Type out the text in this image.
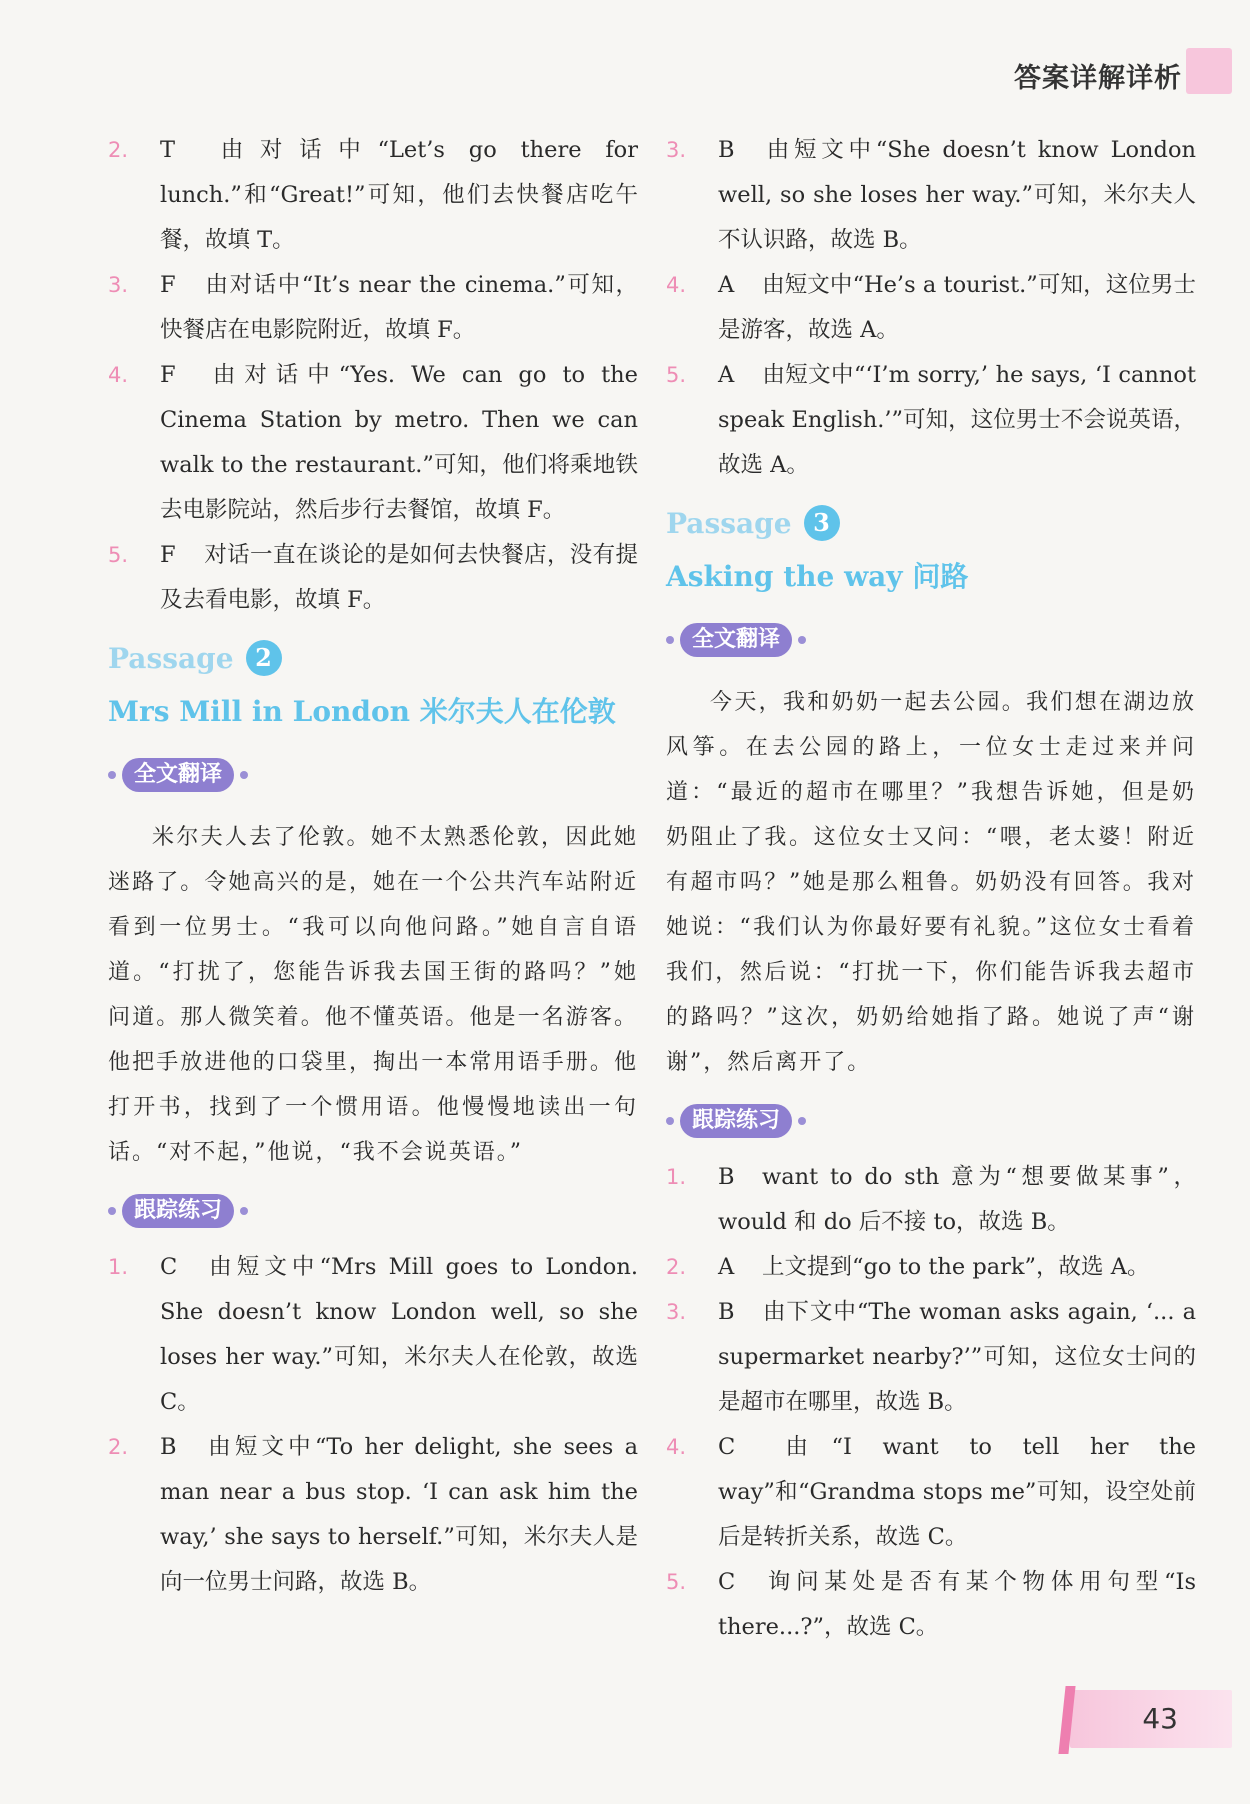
答案详解详析
2. T 由对话中“Let’s go there for lunch.”和“Great!”可知，他们去快餐店吃午餐，故填 T。
3. F 由对话中“It’s near the cinema.”可知，快餐店在电影院附近，故填 F。
4. F 由对话中“Yes. We can go to the Cinema Station by metro. Then we can walk to the restaurant.”可知，他们将乘地铁去电影院站，然后步行去餐馆，故填 F。
5. F 对话一直在谈论的是如何去快餐店，没有提及去看电影，故填 F。
Passage 2
Mrs Mill in London 米尔夫人在伦敦
全文翻译
米尔夫人去了伦敦。她不太熟悉伦敦，因此她迷路了。令她高兴的是，她在一个公共汽车站附近看到一位男士。“我可以向他问路。”她自言自语道。“打扰了，您能告诉我去国王街的路吗？”她问道。那人微笑着。他不懂英语。他是一名游客。他把手放进他的口袋里，掏出一本常用语手册。他打开书，找到了一个惯用语。他慢慢地读出一句话。“对不起，”他说，“我不会说英语。”
跟踪练习
1. C 由短文中“Mrs Mill goes to London. She doesn’t know London well, so she loses her way.”可知，米尔夫人在伦敦，故选 C。
2. B 由短文中“To her delight, she sees a man near a bus stop. ‘I can ask him the way,’ she says to herself.”可知，米尔夫人是向一位男士问路，故选 B。
3. B 由短文中“She doesn’t know London well, so she loses her way.”可知，米尔夫人不认识路，故选 B。
4. A 由短文中“He’s a tourist.”可知，这位男士是游客，故选 A。
5. A 由短文中“‘I’m sorry,’ he says, ‘I cannot speak English.’”可知，这位男士不会说英语，故选 A。
Passage 3
Asking the way 问路
全文翻译
今天，我和奶奶一起去公园。我们想在湖边放风筝。在去公园的路上，一位女士走过来并问道：“最近的超市在哪里？”我想告诉她，但是奶奶阻止了我。这位女士又问：“喂，老太婆！附近有超市吗？”她是那么粗鲁。奶奶没有回答。我对她说：“我们认为你最好要有礼貌。”这位女士看着我们，然后说：“打扰一下，你们能告诉我去超市的路吗？”这次，奶奶给她指了路。她说了声“谢谢”，然后离开了。
跟踪练习
1. B want to do sth 意为“想要做某事”，would 和 do 后不接 to，故选 B。
2. A 上文提到“go to the park”，故选 A。
3. B 由下文中“The woman asks again, ‘... a supermarket nearby?’”可知，这位女士问的是超市在哪里，故选 B。
4. C 由“I want to tell her the way”和“Grandma stops me”可知，设空处前后是转折关系，故选 C。
5. C 询问某处是否有某个物体用句型“Is there...?”，故选 C。
43
